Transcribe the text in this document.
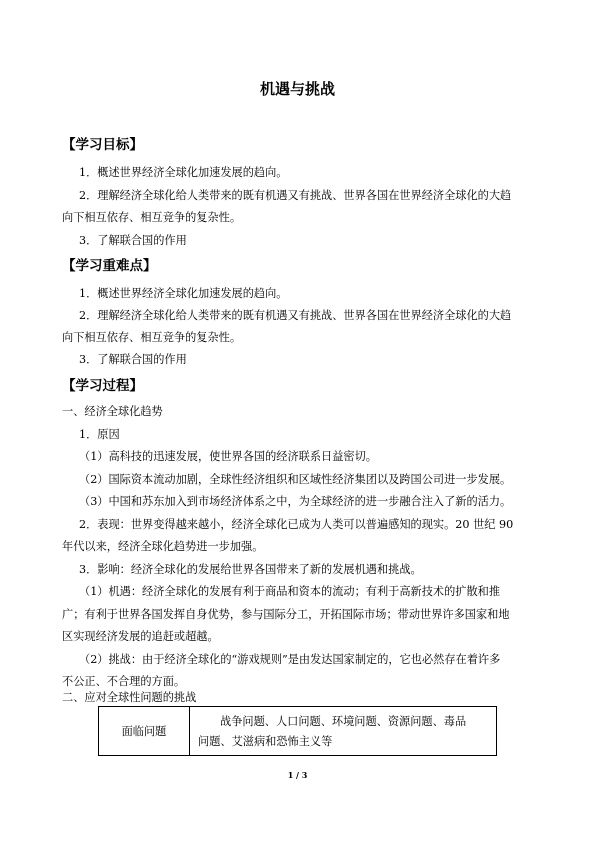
机遇与挑战
【学习目标】
1．概述世界经济全球化加速发展的趋向。
2．理解经济全球化给人类带来的既有机遇又有挑战、世界各国在世界经济全球化的大趋
向下相互依存、相互竞争的复杂性。
3．了解联合国的作用
【学习重难点】
1．概述世界经济全球化加速发展的趋向。
2．理解经济全球化给人类带来的既有机遇又有挑战、世界各国在世界经济全球化的大趋
向下相互依存、相互竞争的复杂性。
3．了解联合国的作用
【学习过程】
一、经济全球化趋势
1．原因
（1）高科技的迅速发展，使世界各国的经济联系日益密切。
（2）国际资本流动加剧，全球性经济组织和区域性经济集团以及跨国公司进一步发展。
（3）中国和苏东加入到市场经济体系之中，为全球经济的进一步融合注入了新的活力。
2．表现：世界变得越来越小，经济全球化已成为人类可以普遍感知的现实。20 世纪 90
年代以来，经济全球化趋势进一步加强。
3．影响：经济全球化的发展给世界各国带来了新的发展机遇和挑战。
（1）机遇：经济全球化的发展有利于商品和资本的流动；有利于高新技术的扩散和推
广；有利于世界各国发挥自身优势，参与国际分工，开拓国际市场；带动世界许多国家和地
区实现经济发展的追赶或超越。
（2）挑战：由于经济全球化的“游戏规则”是由发达国家制定的，它也必然存在着许多
不公正、不合理的方面。
二、应对全球性问题的挑战
面临问题
战争问题、人口问题、环境问题、资源问题、毒品
问题、艾滋病和恐怖主义等
1 / 3
